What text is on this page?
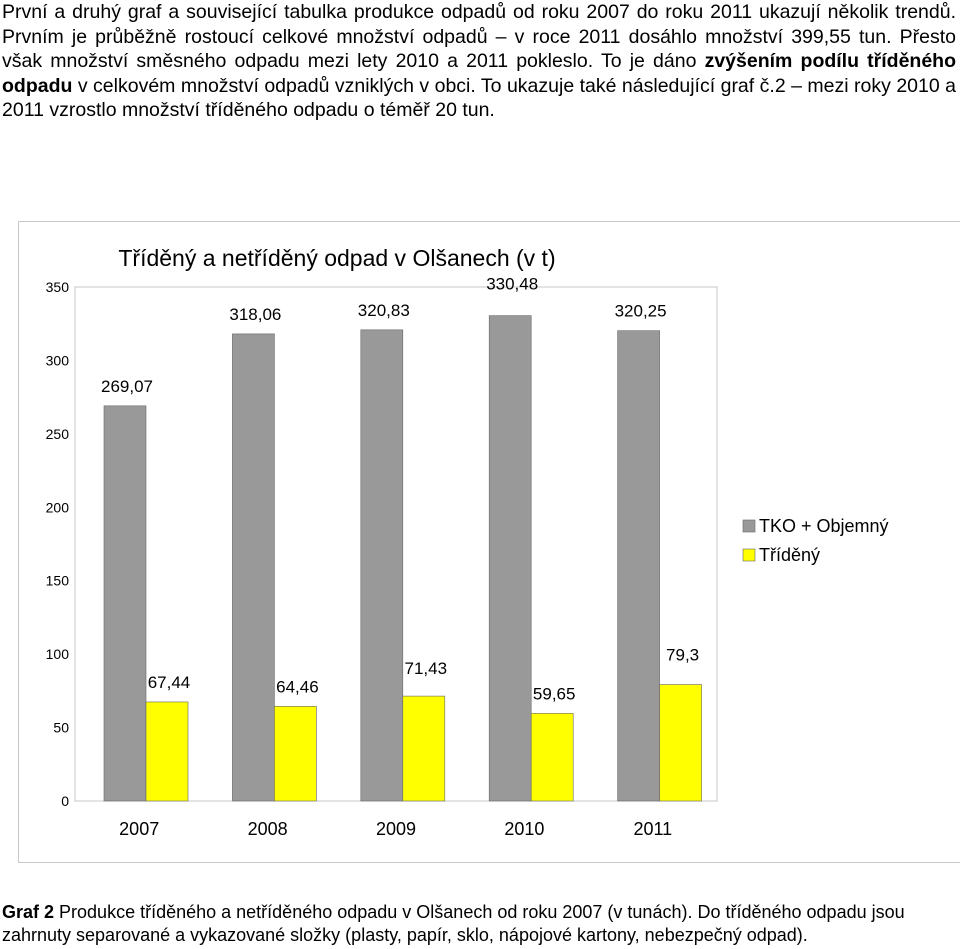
První a druhý graf a související tabulka produkce odpadů od roku 2007 do roku 2011 ukazují několik trendů. Prvním je průběžně rostoucí celkové množství odpadů – v roce 2011 dosáhlo množství 399,55 tun. Přesto však množství směsného odpadu mezi lety 2010 a 2011 pokleslo. To je dáno zvýšením podílu tříděného odpadu v celkovém množství odpadů vzniklých v obci. To ukazuje také následující graf č.2 – mezi roky 2010 a 2011 vzrostlo množství tříděného odpadu o téměř 20 tun.
Tříděný a netříděný odpad v Olšanech (v t)
0
50
100
150
200
250
300
350
269,07
67,44
2007
318,06
64,46
2008
320,83
71,43
2009
330,48
59,65
2010
320,25
79,3
2011
TKO + Objemný
Tříděný
Graf 2 Produkce tříděného a netříděného odpadu v Olšanech od roku 2007 (v tunách). Do tříděného odpadu jsou zahrnuty separované a vykazované složky (plasty, papír, sklo, nápojové kartony, nebezpečný odpad).
